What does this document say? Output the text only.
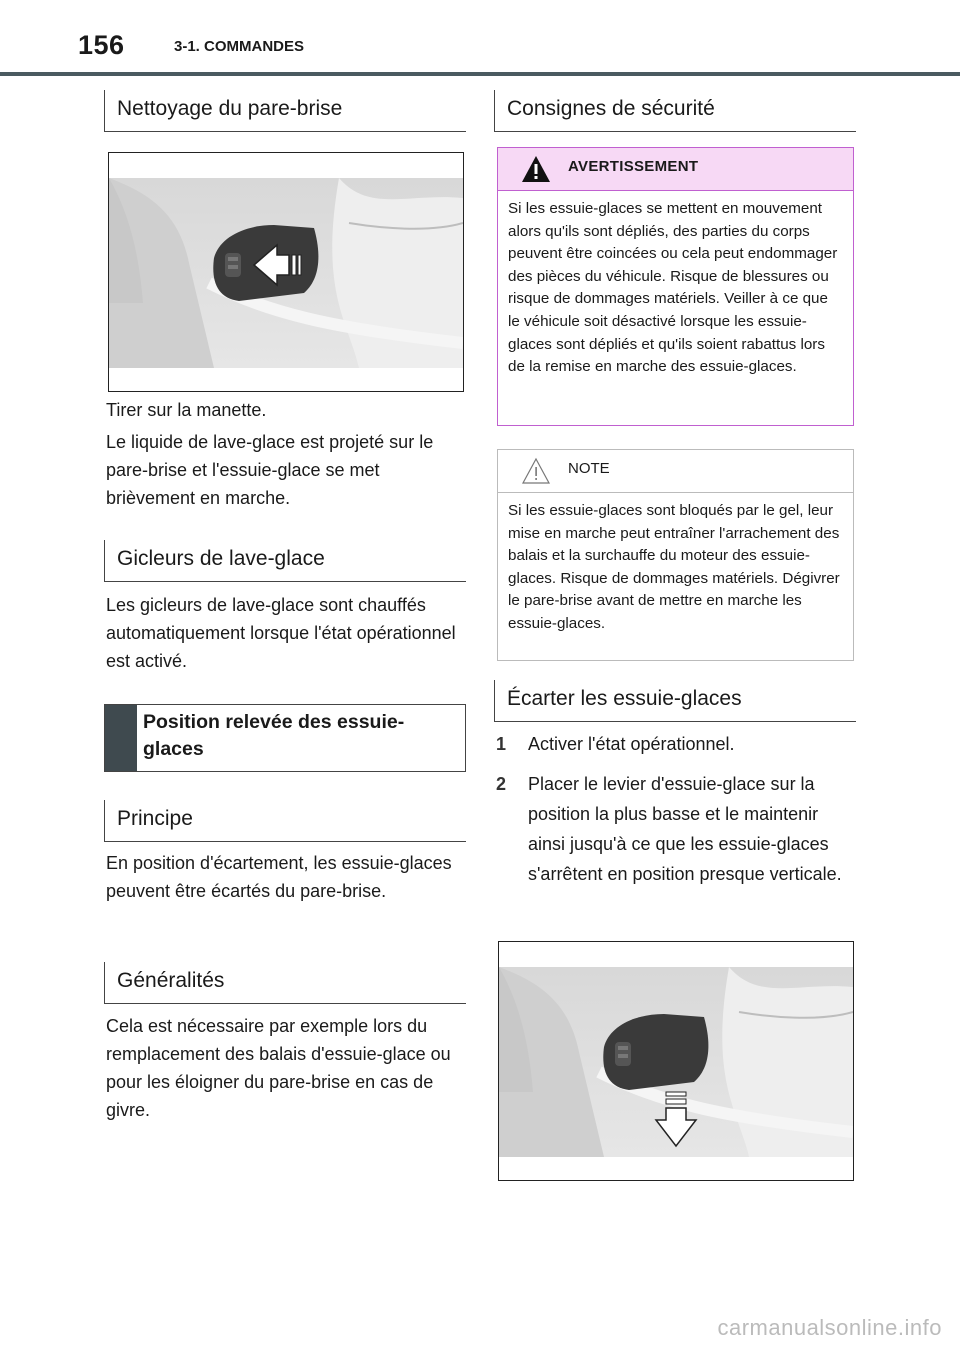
156	3-1. COMMANDES
Nettoyage du pare-brise

Tirer sur la manette.

Le liquide de lave-glace est projeté sur le pare-brise et l'essuie-glace se met brièvement en marche.

Gicleurs de lave-glace

Les gicleurs de lave-glace sont chauffés automatiquement lorsque l'état opérationnel est activé.

Position relevée des essuie-glaces
Principe

En position d'écartement, les essuie-glaces peuvent être écartés du pare-brise.

Généralités

Cela est nécessaire par exemple lors du remplacement des balais d'essuie-glace ou pour les éloigner du pare-brise en cas de givre.

Consignes de sécurité
AVERTISSEMENT

Si les essuie-glaces se mettent en mouvement alors qu'ils sont dépliés, des parties du corps peuvent être coincées ou cela peut endommager des pièces du véhicule. Risque de blessures ou risque de dommages matériels. Veiller à ce que le véhicule soit désactivé lorsque les essuie-glaces sont dépliés et qu'ils soient rabattus lors de la remise en marche des essuie-glaces.

NOTE

Si les essuie-glaces sont bloqués par le gel, leur mise en marche peut entraîner l'arrachement des balais et la surchauffe du moteur des essuie-glaces. Risque de dommages matériels. Dégivrer le pare-brise avant de mettre en marche les essuie-glaces.

Écarter les essuie-glaces
1 Activer l'état opérationnel.
2 Placer le levier d'essuie-glace sur la position la plus basse et le maintenir ainsi jusqu'à ce que les essuie-glaces s'arrêtent en position presque verticale.
carmanualsonline.info
